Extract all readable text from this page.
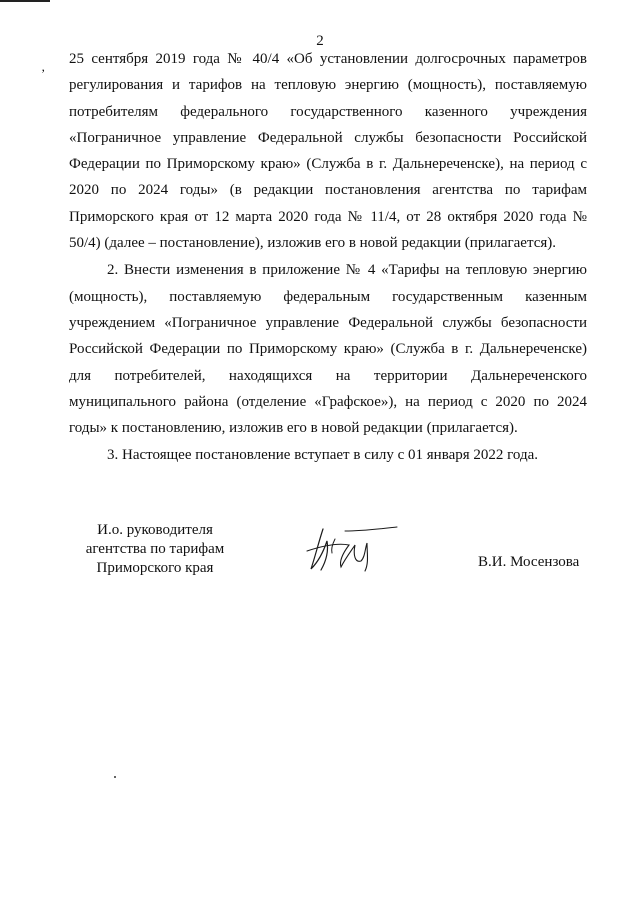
2
‚ 25 сентября 2019 года № 40/4 «Об установлении долгосрочных параметров регулирования и тарифов на тепловую энергию (мощность), поставляемую потребителям федерального государственного казенного учреждения «Пограничное управление Федеральной службы безопасности Российской Федерации по Приморскому краю» (Служба в г. Дальнереченске), на период с 2020 по 2024 годы» (в редакции постановления агентства по тарифам Приморского края от 12 марта 2020 года № 11/4, от 28 октября 2020 года № 50/4) (далее – постановление), изложив его в новой редакции (прилагается).

2. Внести изменения в приложение № 4 «Тарифы на тепловую энергию (мощность), поставляемую федеральным государственным казенным учреждением «Пограничное управление Федеральной службы безопасности Российской Федерации по Приморскому краю» (Служба в г. Дальнереченске) для потребителей, находящихся на территории Дальнереченского муниципального района (отделение «Графское»), на период с 2020 по 2024 годы» к постановлению, изложив его в новой редакции (прилагается).

3. Настоящее постановление вступает в силу с 01 января 2022 года.

И.о. руководителя
агентства по тарифам
Приморского края	В.И. Мосензова
